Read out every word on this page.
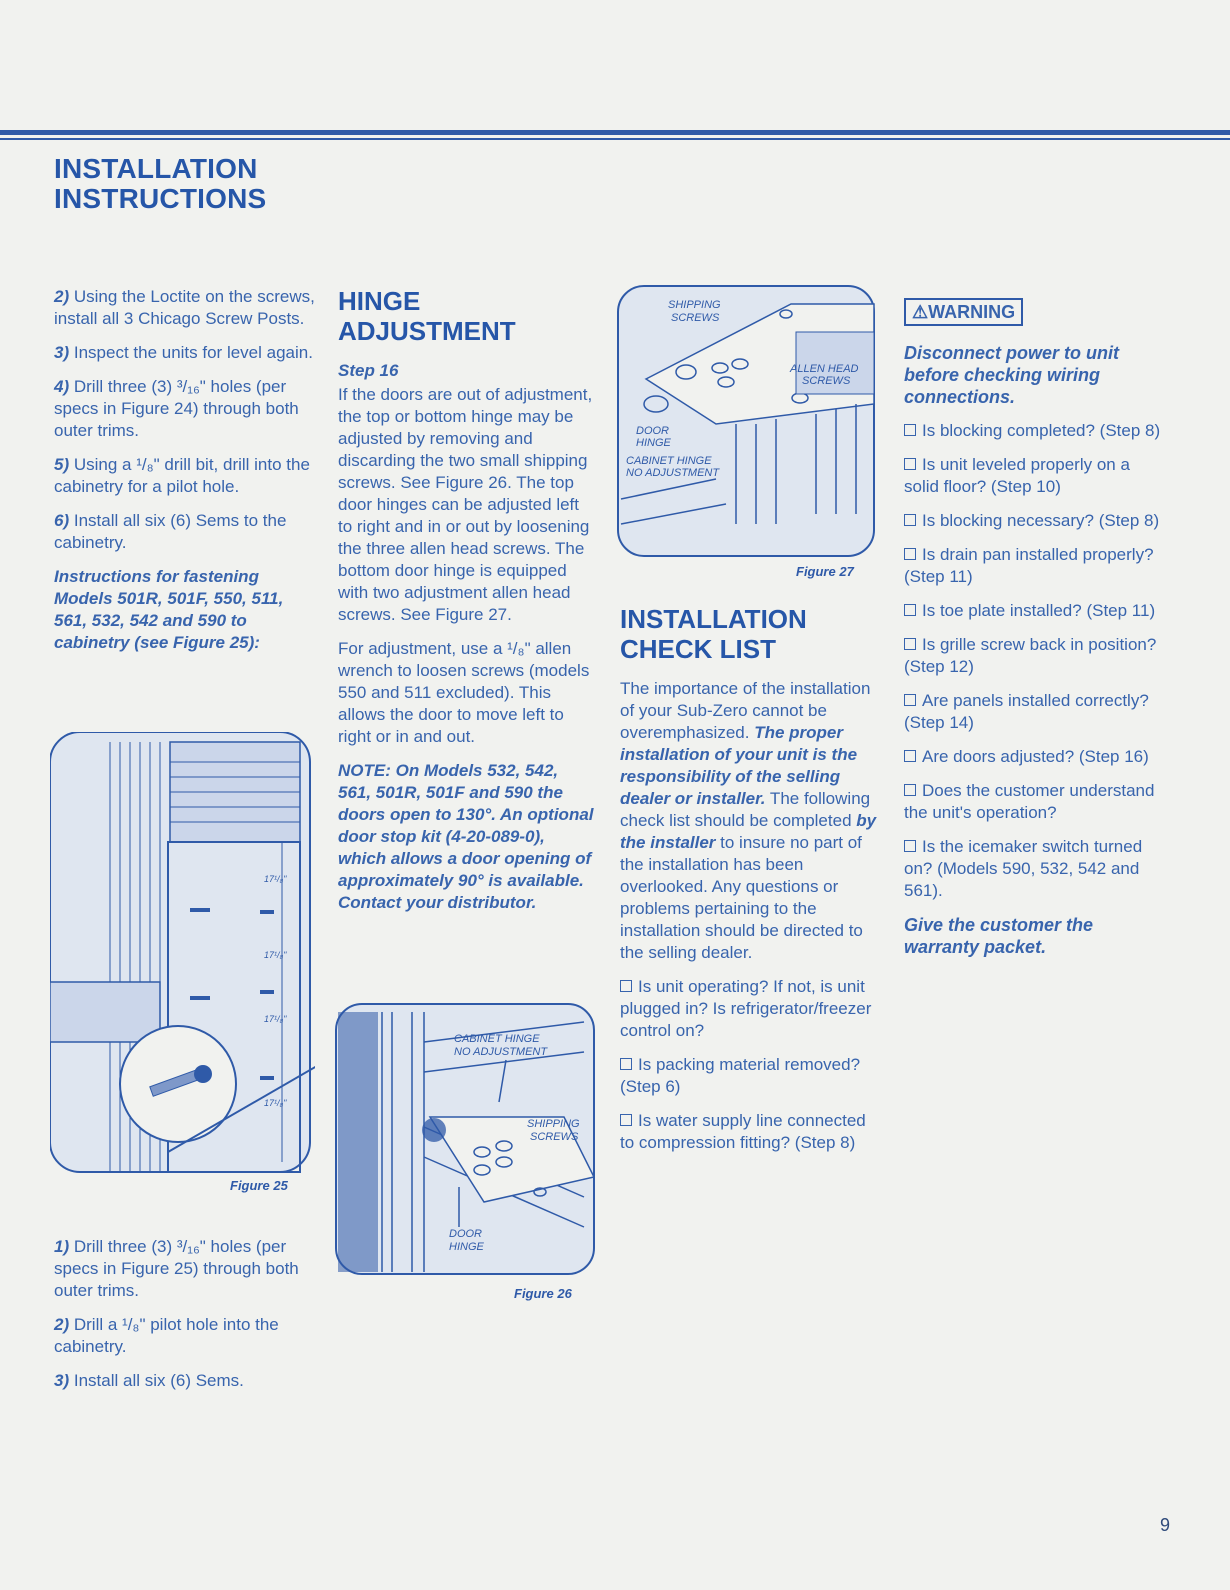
INSTALLATION
INSTRUCTIONS

2) Using the Loctite on the screws, install all 3 Chicago Screw Posts.

3) Inspect the units for level again.

4) Drill three (3) ³/₁₆" holes (per specs in Figure 24) through both outer trims.

5) Using a ¹/₈" drill bit, drill into the cabinetry for a pilot hole.

6) Install all six (6) Sems to the cabinetry.

Instructions for fastening Models 501R, 501F, 550, 511, 561, 532, 542 and 590 to cabinetry (see Figure 25):

17¹/₈"
17¹/₈"
17¹/₈"
17¹/₈"
Figure 25

1) Drill three (3) ³/₁₆" holes (per specs in Figure 25) through both outer trims.

2) Drill a ¹/₈" pilot hole into the cabinetry.

3) Install all six (6) Sems.

HINGE
ADJUSTMENT
Step 16

If the doors are out of adjustment, the top or bottom hinge may be adjusted by removing and discarding the two small shipping screws. See Figure 26. The top door hinges can be adjusted left to right and in or out by loosening the three allen head screws. The bottom door hinge is equipped with two adjustment allen head screws. See Figure 27.

For adjustment, use a ¹/₈" allen wrench to loosen screws (models 550 and 511 excluded). This allows the door to move left to right or in and out.

NOTE: On Models 532, 542, 561, 501R, 501F and 590 the doors open to 130°. An optional door stop kit (4-20-089-0), which allows a door opening of approximately 90° is available. Contact your distributor.

CABINET HINGE
NO ADJUSTMENT
SHIPPING
SCREWS
DOOR
HINGE
Figure 26
SHIPPING
SCREWS
ALLEN HEAD
SCREWS
DOOR
HINGE
CABINET HINGE
NO ADJUSTMENT
Figure 27
INSTALLATION
CHECK LIST

The importance of the installation of your Sub-Zero cannot be overemphasized. The proper installation of your unit is the responsibility of the selling dealer or installer. The following check list should be completed by the installer to insure no part of the installation has been overlooked. Any questions or problems pertaining to the installation should be directed to the selling dealer.

Is unit operating? If not, is unit plugged in? Is refrigerator/freezer control on?

Is packing material removed? (Step 6)

Is water supply line connected to compression fitting? (Step 8)

⚠WARNING

Disconnect power to unit before checking wiring connections.

Is blocking completed? (Step 8)

Is unit leveled properly on a solid floor? (Step 10)

Is blocking necessary? (Step 8)

Is drain pan installed properly? (Step 11)

Is toe plate installed? (Step 11)

Is grille screw back in position? (Step 12)

Are panels installed correctly? (Step 14)

Are doors adjusted? (Step 16)

Does the customer understand the unit's operation?

Is the icemaker switch turned on? (Models 590, 532, 542 and 561).

Give the customer the warranty packet.

9
